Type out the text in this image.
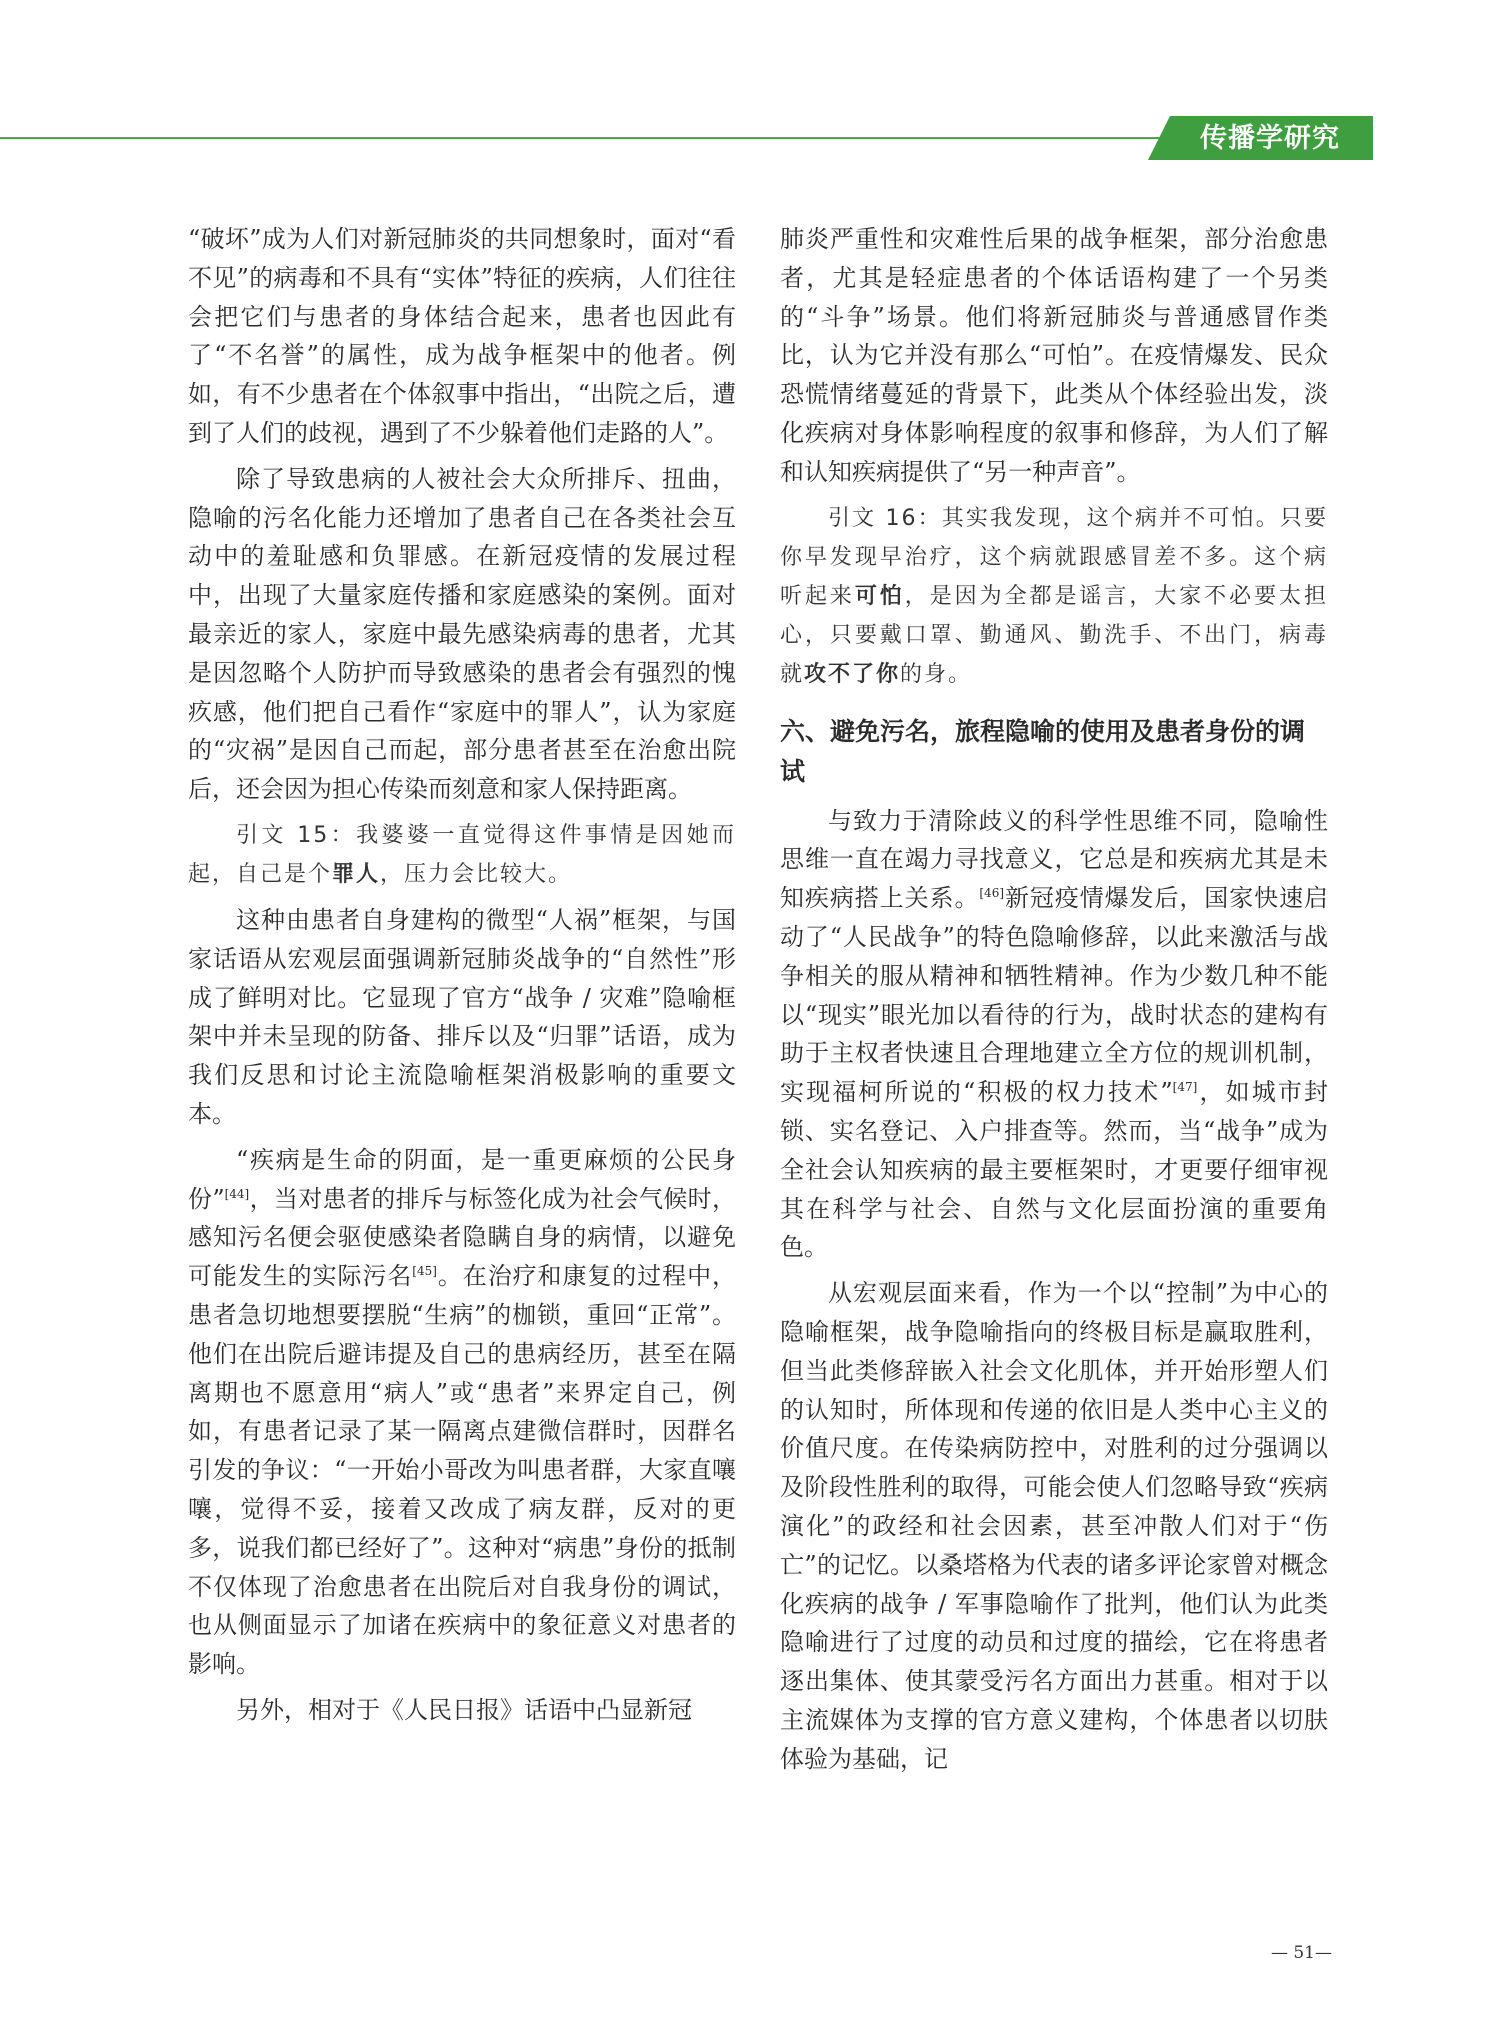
传播学研究

“破坏”成为人们对新冠肺炎的共同想象时，面对“看不见”的病毒和不具有“实体”特征的疾病，人们往往会把它们与患者的身体结合起来，患者也因此有了“不名誉”的属性，成为战争框架中的他者。例如，有不少患者在个体叙事中指出，“出院之后，遭到了人们的歧视，遇到了不少躲着他们走路的人”。

除了导致患病的人被社会大众所排斥、扭曲，隐喻的污名化能力还增加了患者自己在各类社会互动中的羞耻感和负罪感。在新冠疫情的发展过程中，出现了大量家庭传播和家庭感染的案例。面对最亲近的家人，家庭中最先感染病毒的患者，尤其是因忽略个人防护而导致感染的患者会有强烈的愧疚感，他们把自己看作“家庭中的罪人”，认为家庭的“灾祸”是因自己而起，部分患者甚至在治愈出院后，还会因为担心传染而刻意和家人保持距离。

引文 15：我婆婆一直觉得这件事情是因她而起，自己是个罪人，压力会比较大。

这种由患者自身建构的微型“人祸”框架，与国家话语从宏观层面强调新冠肺炎战争的“自然性”形成了鲜明对比。它显现了官方“战争 / 灾难”隐喻框架中并未呈现的防备、排斥以及“归罪”话语，成为我们反思和讨论主流隐喻框架消极影响的重要文本。

“疾病是生命的阴面，是一重更麻烦的公民身份”[44]，当对患者的排斥与标签化成为社会气候时，感知污名便会驱使感染者隐瞒自身的病情，以避免可能发生的实际污名[45]。在治疗和康复的过程中，患者急切地想要摆脱“生病”的枷锁，重回“正常”。他们在出院后避讳提及自己的患病经历，甚至在隔离期也不愿意用“病人”或“患者”来界定自己，例如，有患者记录了某一隔离点建微信群时，因群名引发的争议：“一开始小哥改为叫患者群，大家直嚷嚷，觉得不妥，接着又改成了病友群，反对的更多，说我们都已经好了”。这种对“病患”身份的抵制不仅体现了治愈患者在出院后对自我身份的调试，也从侧面显示了加诸在疾病中的象征意义对患者的影响。

另外，相对于《人民日报》话语中凸显新冠

肺炎严重性和灾难性后果的战争框架，部分治愈患者，尤其是轻症患者的个体话语构建了一个另类的“斗争”场景。他们将新冠肺炎与普通感冒作类比，认为它并没有那么“可怕”。在疫情爆发、民众恐慌情绪蔓延的背景下，此类从个体经验出发，淡化疾病对身体影响程度的叙事和修辞，为人们了解和认知疾病提供了“另一种声音”。

引文 16：其实我发现，这个病并不可怕。只要你早发现早治疗，这个病就跟感冒差不多。这个病听起来可怕，是因为全都是谣言，大家不必要太担心，只要戴口罩、勤通风、勤洗手、不出门，病毒就攻不了你的身。

六、避免污名，旅程隐喻的使用及患者身份的调试

与致力于清除歧义的科学性思维不同，隐喻性思维一直在竭力寻找意义，它总是和疾病尤其是未知疾病搭上关系。[46]新冠疫情爆发后，国家快速启动了“人民战争”的特色隐喻修辞，以此来激活与战争相关的服从精神和牺牲精神。作为少数几种不能以“现实”眼光加以看待的行为，战时状态的建构有助于主权者快速且合理地建立全方位的规训机制，实现福柯所说的“积极的权力技术”[47]，如城市封锁、实名登记、入户排查等。然而，当“战争”成为全社会认知疾病的最主要框架时，才更要仔细审视其在科学与社会、自然与文化层面扮演的重要角色。

从宏观层面来看，作为一个以“控制”为中心的隐喻框架，战争隐喻指向的终极目标是赢取胜利，但当此类修辞嵌入社会文化肌体，并开始形塑人们的认知时，所体现和传递的依旧是人类中心主义的价值尺度。在传染病防控中，对胜利的过分强调以及阶段性胜利的取得，可能会使人们忽略导致“疾病演化”的政经和社会因素，甚至冲散人们对于“伤亡”的记忆。以桑塔格为代表的诸多评论家曾对概念化疾病的战争 / 军事隐喻作了批判，他们认为此类隐喻进行了过度的动员和过度的描绘，它在将患者逐出集体、使其蒙受污名方面出力甚重。相对于以主流媒体为支撑的官方意义建构，个体患者以切肤体验为基础，记

— 51—
